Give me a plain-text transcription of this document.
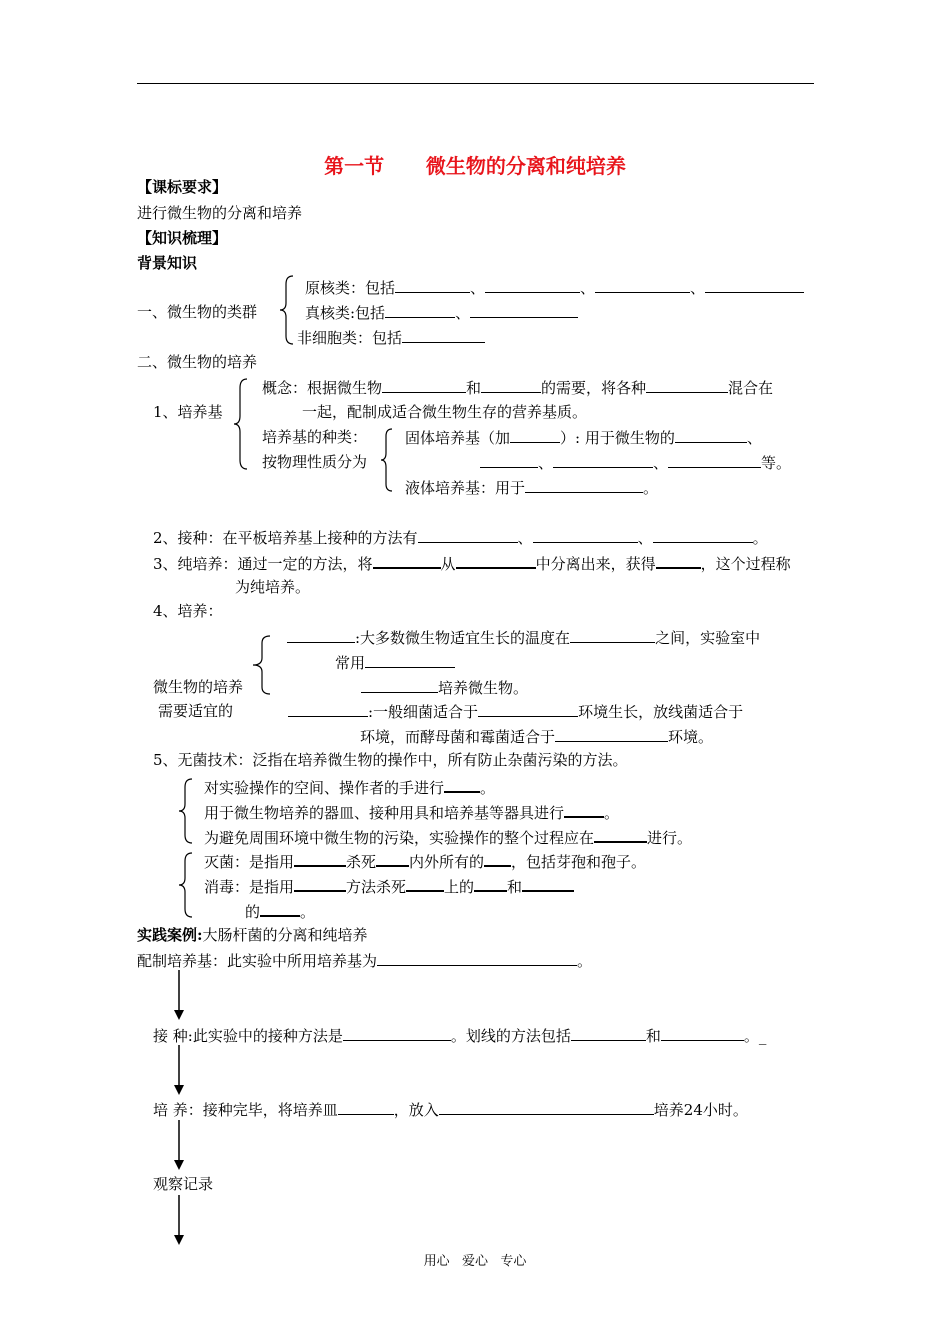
第一节      微生物的分离和纯培养
【课标要求】
进行微生物的分离和培养
【知识梳理】
背景知识
一、微生物的类群
原核类：包括	、	、	、
真核类:包括	、
非细胞类：包括
二、微生物的培养
1、培养基
概念：根据微生物	和	的需要，将各种	混合在
一起，配制成适合微生物生存的营养基质。
培养基的种类：
按物理性质分为
固体培养基（加	）: 用于微生物的	、
、	、	等。
液体培养基：用于	。
2、接种：在平板培养基上接种的方法有	、	、	。
3、纯培养：通过一定的方法，将	从	中分离出来，获得	，这个过程称
为纯培养。
4、培养：
:大多数微生物适宜生长的温度在	之间，实验室中
常用
微生物的培养	培养微生物。
需要适宜的	:一般细菌适合于	环境生长，放线菌适合于
环境，而酵母菌和霉菌适合于	环境。
5、无菌技术：泛指在培养微生物的操作中，所有防止杂菌污染的方法。
对实验操作的空间、操作者的手进行 。
用于微生物培养的器皿、接种用具和培养基等器具进行	。
为避免周围环境中微生物的污染，实验操作的整个过程应在	进行。
灭菌：是指用	杀死 内外所有的 ，包括芽孢和孢子。
消毒：是指用	方法杀死	上的 和
的	。
实践案例:大肠杆菌的分离和纯培养
配制培养基：此实验中所用培养基为	。
接 种:此实验中的接种方法是	。划线的方法包括	和	。_
培 养：接种完毕，将培养皿	，放入	培养24小时。
观察记录
用心   爱心   专心
